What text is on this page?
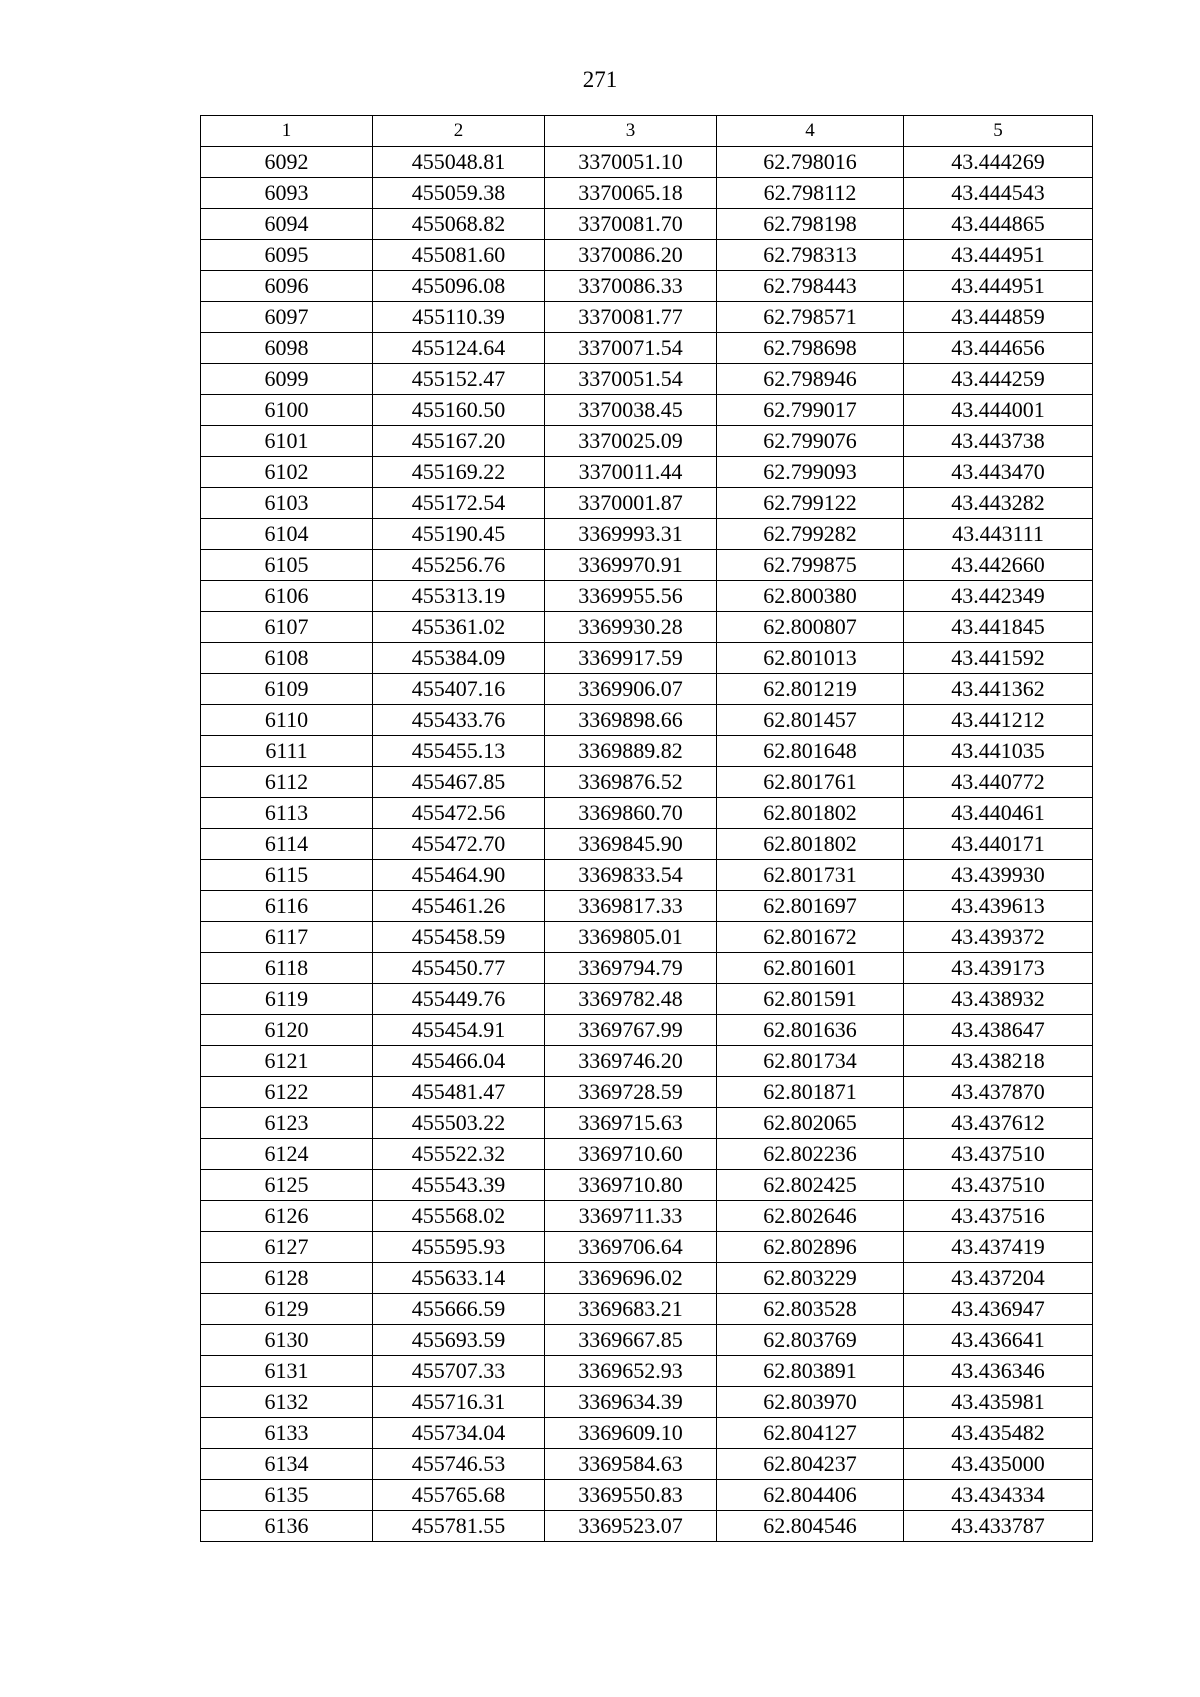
271
1	2	3	4	5
6092	455048.81	3370051.10	62.798016	43.444269
6093	455059.38	3370065.18	62.798112	43.444543
6094	455068.82	3370081.70	62.798198	43.444865
6095	455081.60	3370086.20	62.798313	43.444951
6096	455096.08	3370086.33	62.798443	43.444951
6097	455110.39	3370081.77	62.798571	43.444859
6098	455124.64	3370071.54	62.798698	43.444656
6099	455152.47	3370051.54	62.798946	43.444259
6100	455160.50	3370038.45	62.799017	43.444001
6101	455167.20	3370025.09	62.799076	43.443738
6102	455169.22	3370011.44	62.799093	43.443470
6103	455172.54	3370001.87	62.799122	43.443282
6104	455190.45	3369993.31	62.799282	43.443111
6105	455256.76	3369970.91	62.799875	43.442660
6106	455313.19	3369955.56	62.800380	43.442349
6107	455361.02	3369930.28	62.800807	43.441845
6108	455384.09	3369917.59	62.801013	43.441592
6109	455407.16	3369906.07	62.801219	43.441362
6110	455433.76	3369898.66	62.801457	43.441212
6111	455455.13	3369889.82	62.801648	43.441035
6112	455467.85	3369876.52	62.801761	43.440772
6113	455472.56	3369860.70	62.801802	43.440461
6114	455472.70	3369845.90	62.801802	43.440171
6115	455464.90	3369833.54	62.801731	43.439930
6116	455461.26	3369817.33	62.801697	43.439613
6117	455458.59	3369805.01	62.801672	43.439372
6118	455450.77	3369794.79	62.801601	43.439173
6119	455449.76	3369782.48	62.801591	43.438932
6120	455454.91	3369767.99	62.801636	43.438647
6121	455466.04	3369746.20	62.801734	43.438218
6122	455481.47	3369728.59	62.801871	43.437870
6123	455503.22	3369715.63	62.802065	43.437612
6124	455522.32	3369710.60	62.802236	43.437510
6125	455543.39	3369710.80	62.802425	43.437510
6126	455568.02	3369711.33	62.802646	43.437516
6127	455595.93	3369706.64	62.802896	43.437419
6128	455633.14	3369696.02	62.803229	43.437204
6129	455666.59	3369683.21	62.803528	43.436947
6130	455693.59	3369667.85	62.803769	43.436641
6131	455707.33	3369652.93	62.803891	43.436346
6132	455716.31	3369634.39	62.803970	43.435981
6133	455734.04	3369609.10	62.804127	43.435482
6134	455746.53	3369584.63	62.804237	43.435000
6135	455765.68	3369550.83	62.804406	43.434334
6136	455781.55	3369523.07	62.804546	43.433787
